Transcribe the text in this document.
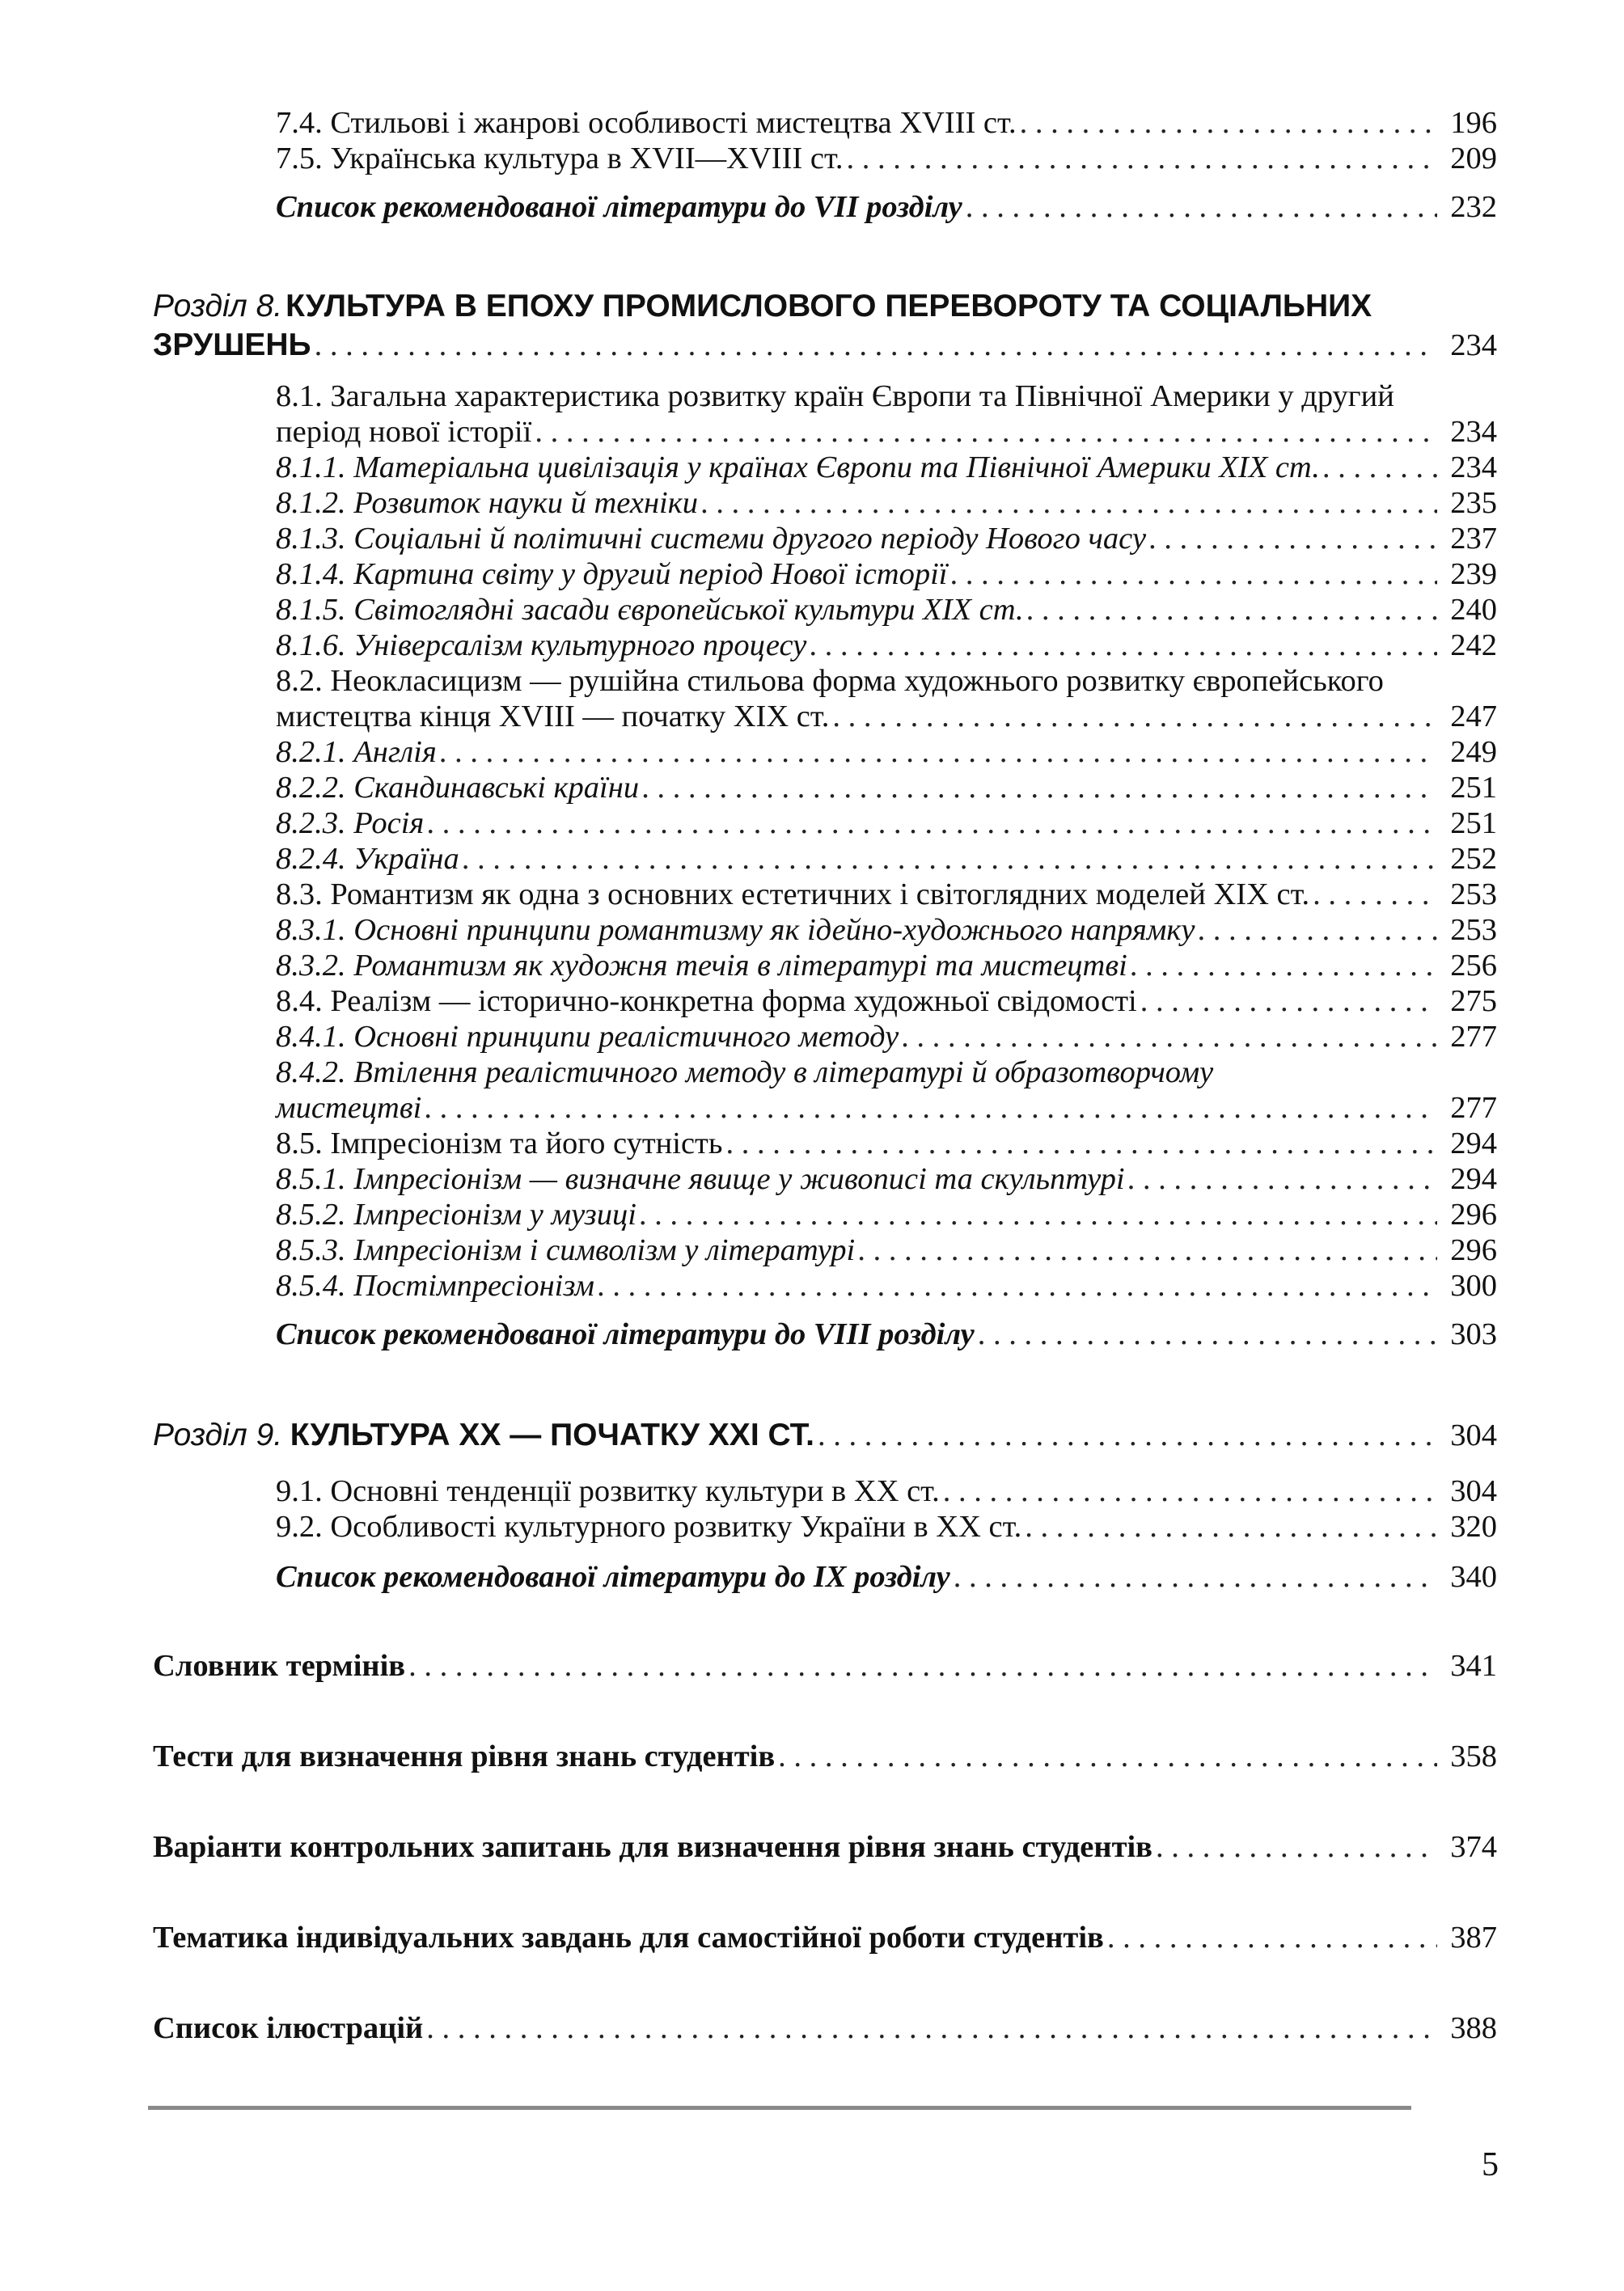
7.4. Стильові і жанрові особливості мистецтва XVIII ст. . . .	196
7.5. Українська культура в XVII—XVIII ст. . . .	209
Список рекомендованої літератури до VII розділу . . .	232
Розділ 8. КУЛЬТУРА В ЕПОХУ ПРОМИСЛОВОГО ПЕРЕВОРОТУ ТА СОЦІАЛЬНИХ
ЗРУШЕНЬ . . .	234
8.1. Загальна характеристика розвитку країн Європи та Північної Америки у другий
період нової історії . . .	234
8.1.1. Матеріальна цивілізація у країнах Європи та Північної Америки XIX ст. . . .	234
8.1.2. Розвиток науки й техніки . . .	235
8.1.3. Соціальні й політичні системи другого періоду Нового часу . . .	237
8.1.4. Картина світу у другий період Нової історії . . .	239
8.1.5. Світоглядні засади європейської культури XIX ст. . . .	240
8.1.6. Універсалізм культурного процесу . . .	242
8.2. Неокласицизм — рушійна стильова форма художнього розвитку європейського
мистецтва кінця XVIII — початку XIX ст. . . .	247
8.2.1. Англія . . .	249
8.2.2. Скандинавські країни . . .	251
8.2.3. Росія . . .	251
8.2.4. Україна . . .	252
8.3. Романтизм як одна з основних естетичних і світоглядних моделей XIX ст. . . .	253
8.3.1. Основні принципи романтизму як ідейно-художнього напрямку . . .	253
8.3.2. Романтизм як художня течія в літературі та мистецтві . . .	256
8.4. Реалізм — історично-конкретна форма художньої свідомості . . .	275
8.4.1. Основні принципи реалістичного методу . . .	277
8.4.2. Втілення реалістичного методу в літературі й образотворчому
мистецтві . . .	277
8.5. Імпресіонізм та його сутність . . .	294
8.5.1. Імпресіонізм — визначне явище у живописі та скульптурі . . .	294
8.5.2. Імпресіонізм у музиці . . .	296
8.5.3. Імпресіонізм і символізм у літературі . . .	296
8.5.4. Постімпресіонізм . . .	300
Список рекомендованої літератури до VIII розділу . . .	303
Розділ 9. КУЛЬТУРА XX — ПОЧАТКУ XXI СТ. . . .	304
9.1. Основні тенденції розвитку культури в XX ст. . . .	304
9.2. Особливості культурного розвитку України в XX ст. . . .	320
Список рекомендованої літератури до IX розділу . . .	340
Словник термінів . . .	341
Тести для визначення рівня знань студентів . . .	358
Варіанти контрольних запитань для визначення рівня знань студентів . . .	374
Тематика індивідуальних завдань для самостійної роботи студентів . . .	387
Список ілюстрацій . . .	388
5
